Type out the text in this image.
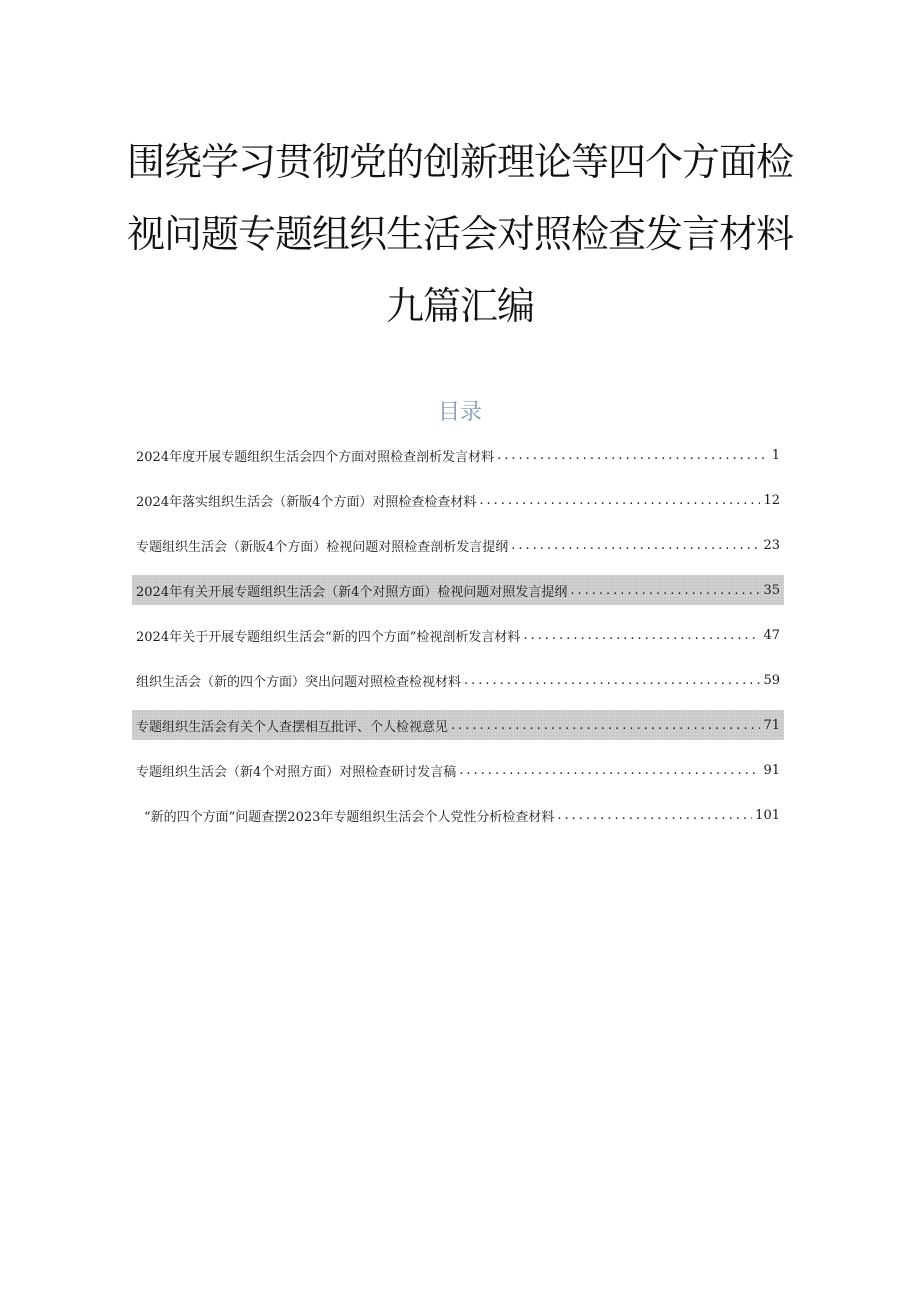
围绕学习贯彻党的创新理论等四个方面检
视问题专题组织生活会对照检查发言材料
九篇汇编
目录
2024年度开展专题组织生活会四个方面对照检查剖析发言材料 .....	1
2024年落实组织生活会（新版4个方面）对照检查检查材料 .....	12
专题组织生活会（新版4个方面）检视问题对照检查剖析发言提纲 .....	23
2024年有关开展专题组织生活会（新4个对照方面）检视问题对照发言提纲 .....	35
2024年关于开展专题组织生活会“新的四个方面”检视剖析发言材料 .....	47
组织生活会（新的四个方面）突出问题对照检查检视材料 .....	59
专题组织生活会有关个人查摆相互批评、个人检视意见 .....	71
专题组织生活会（新4个对照方面）对照检查研讨发言稿 .....	91
“新的四个方面”问题查摆2023年专题组织生活会个人党性分析检查材料 .....	101
